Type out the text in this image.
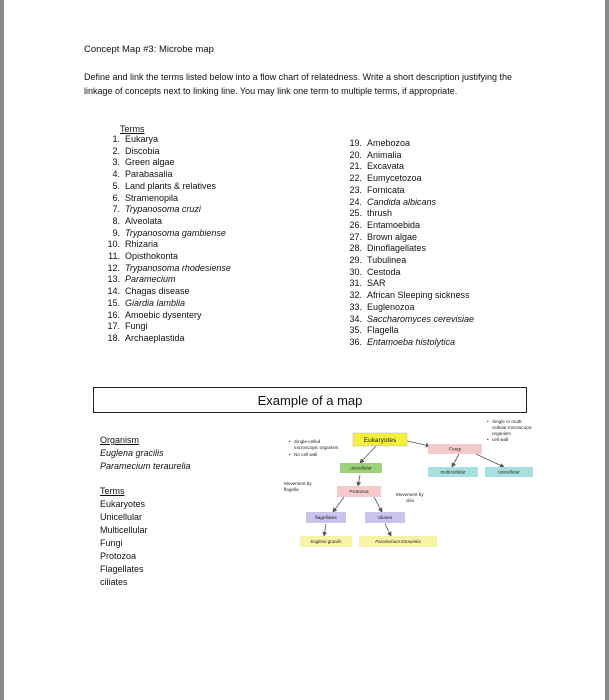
Concept Map #3: Microbe map
Define and link the terms listed below into a flow chart of relatedness. Write a short description justifying the linkage of concepts next to linking line. You may link one term to multiple terms, if appropriate.
Terms
1. Eukarya
2. Discobia
3. Green algae
4. Parabasalia
5. Land plants & relatives
6. Stramenopila
7. Trypanosoma cruzi
8. Alveolata
9. Trypanosoma gambiense
10. Rhizaria
11. Opisthokonta
12. Trypanosoma rhodesiense
13. Paramecium
14. Chagas disease
15. Giardia lamblia
16. Amoebic dysentery
17. Fungi
18. Archaeplastida
19. Amebozoa
20. Animalia
21. Excavata
22. Eumycetozoa
23. Fornicata
24. Candida albicans
25. thrush
26. Entamoebida
27. Brown algae
28. Dinoflagellates
29. Tubulinea
30. Cestoda
31. SAR
32. African Sleeping sickness
33. Euglenozoa
34. Saccharomyces cerevisiae
35. Flagella
36. Entamoeba histolytica
Example of a map
Organism
Euglena gracilis
Paramecium teraurelia
Terms
Eukaryotes
Unicellular
Multicellular
Fungi
Protozoa
Flagellates
ciliates
Eukaryotes
Fungi
unicellular
multicellular	unicellular
Protozoa
flagellates	ciliates
Euglena gracilis	Paramecium tetraurelia
• Single-celled
microscopic organism
• No cell wall
• Single or multi-
cellular microscopic
organism
• cell wall
Movement by
flagella
Movement by
cilia
